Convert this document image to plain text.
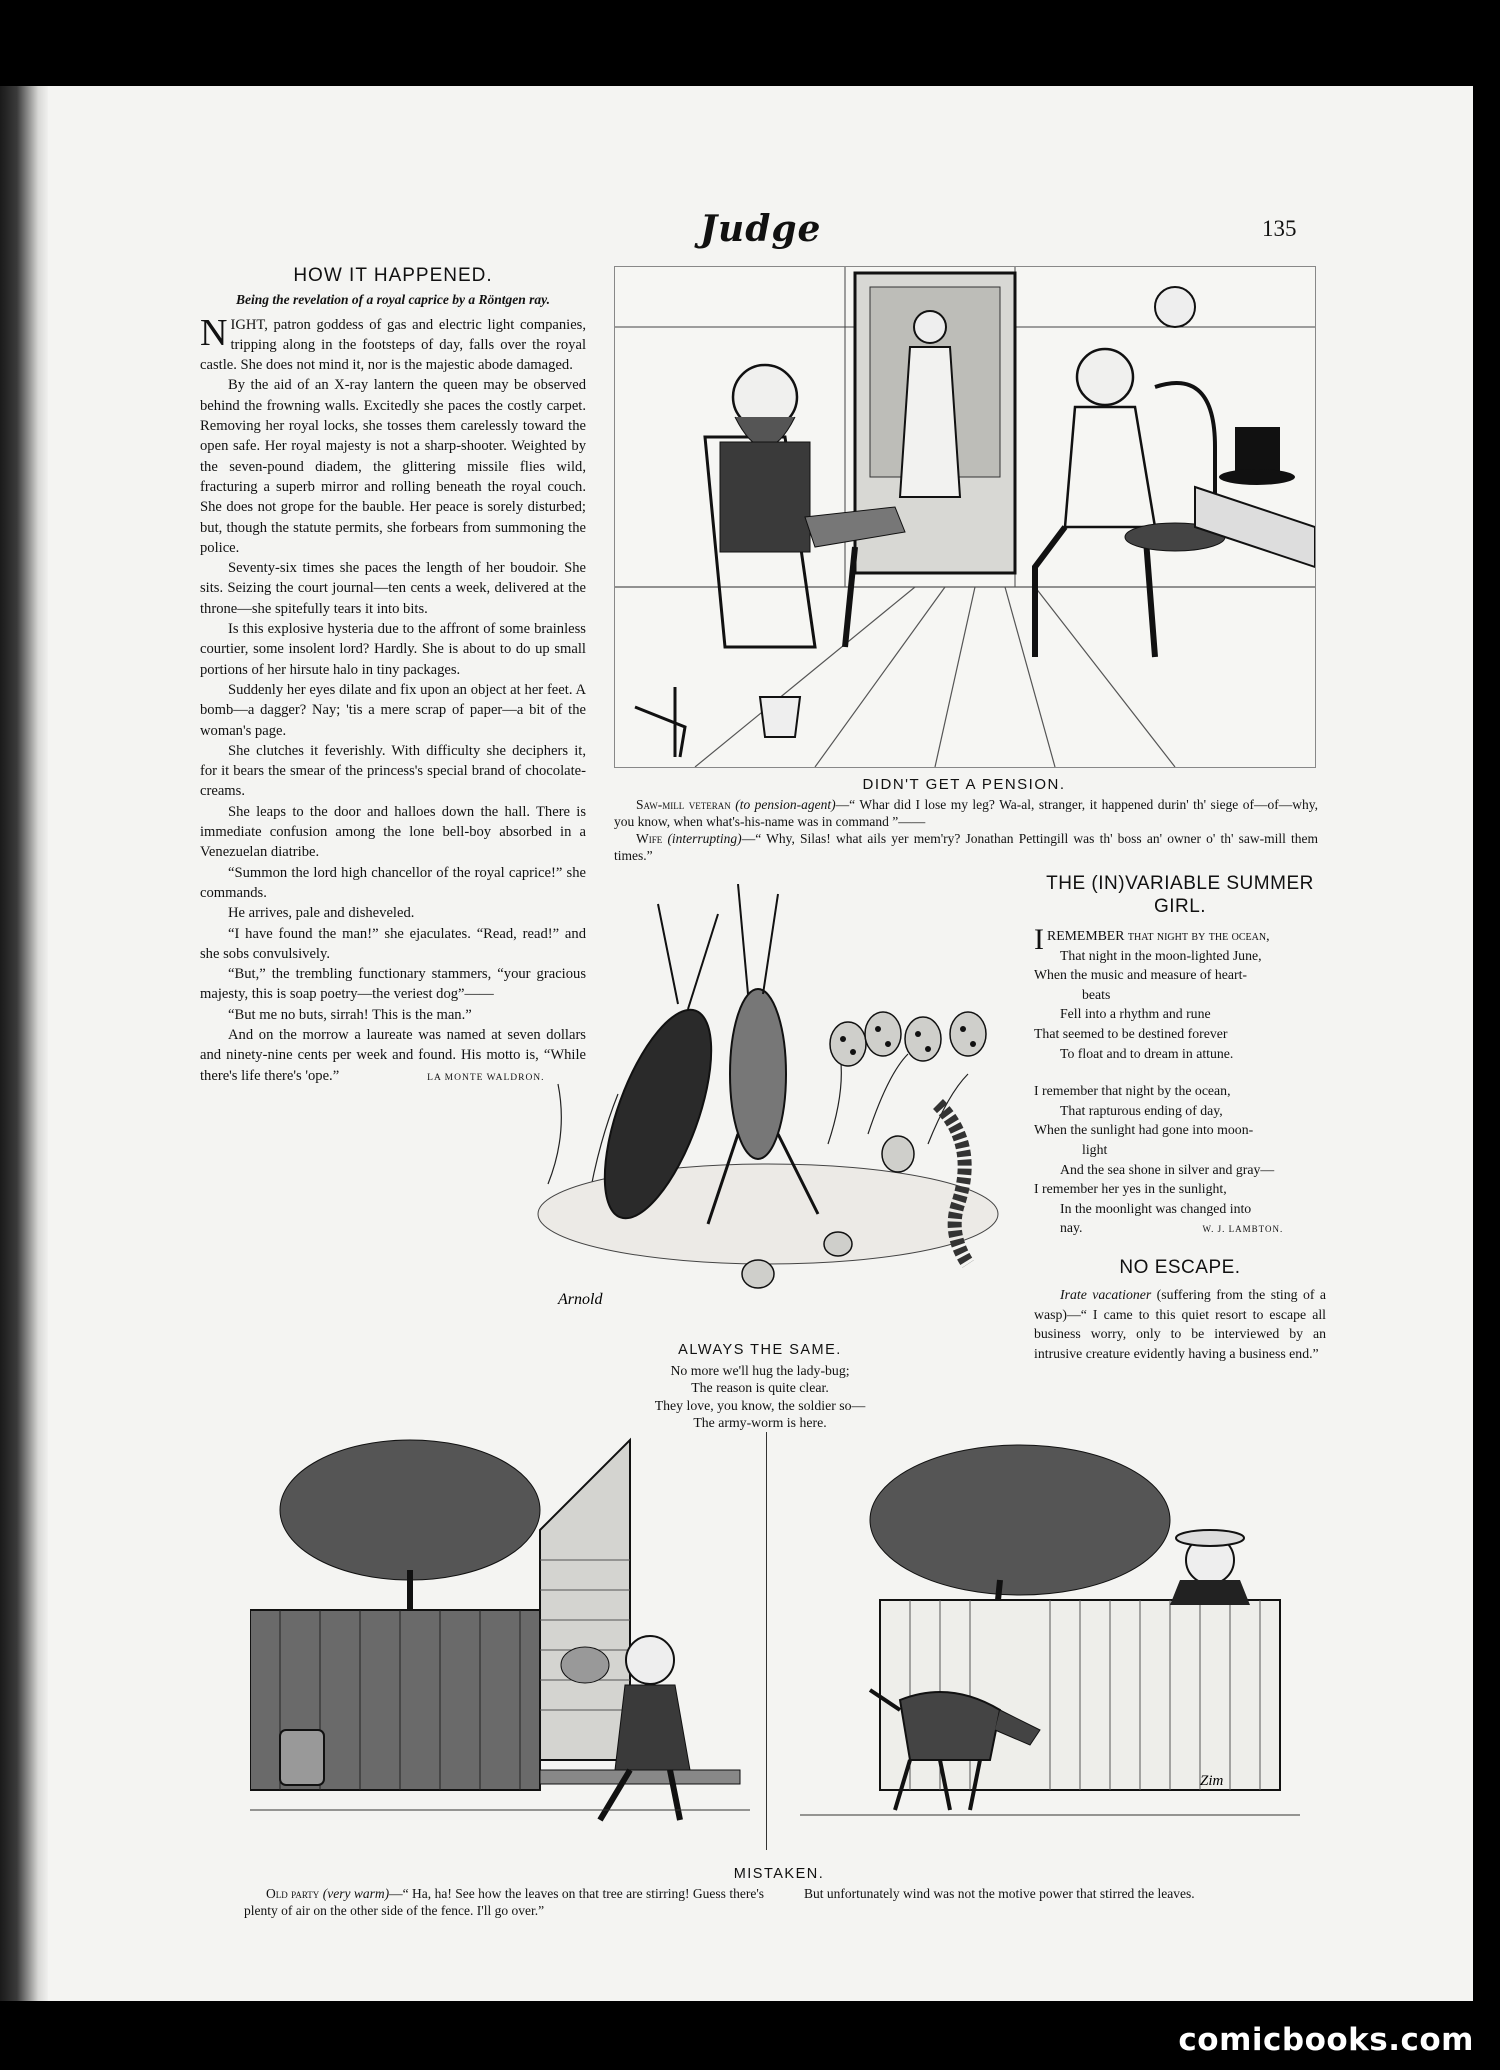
Judge	135
HOW IT HAPPENED.
Being the revelation of a royal caprice by a Röntgen ray.

NIGHT, patron goddess of gas and electric light companies, tripping along in the footsteps of day, falls over the royal castle. She does not mind it, nor is the majestic abode damaged.

By the aid of an X-ray lantern the queen may be observed behind the frowning walls. Excitedly she paces the costly carpet. Removing her royal locks, she tosses them carelessly toward the open safe. Her royal majesty is not a sharp-shooter. Weighted by the seven-pound diadem, the glittering missile flies wild, fracturing a superb mirror and rolling beneath the royal couch. She does not grope for the bauble. Her peace is sorely disturbed; but, though the statute permits, she forbears from summoning the police.

Seventy-six times she paces the length of her boudoir. She sits. Seizing the court journal—ten cents a week, delivered at the throne—she spitefully tears it into bits.

Is this explosive hysteria due to the affront of some brainless courtier, some insolent lord? Hardly. She is about to do up small portions of her hirsute halo in tiny packages.

Suddenly her eyes dilate and fix upon an object at her feet. A bomb—a dagger? Nay; 'tis a mere scrap of paper—a bit of the woman's page.

She clutches it feverishly. With difficulty she deciphers it, for it bears the smear of the princess's special brand of chocolate-creams.

She leaps to the door and halloes down the hall. There is immediate confusion among the lone bell-boy absorbed in a Venezuelan diatribe.

“Summon the lord high chancellor of the royal caprice!” she commands.

He arrives, pale and disheveled.

“I have found the man!” she ejaculates. “Read, read!” and she sobs convulsively.

“But,” the trembling functionary stammers, “your gracious majesty, this is soap poetry—the veriest dog”——

“But me no buts, sirrah! This is the man.”

And on the morrow a laureate was named at seven dollars and ninety-nine cents per week and found. His motto is, “While there's life there's 'ope.”	LA MONTE WALDRON.

DIDN'T GET A PENSION.
Saw-mill veteran (to pension-agent)—“ Whar did I lose my leg? Wa-al, stranger, it happened durin' th' siege of—of—why, you know, when what's-his-name was in command ”——
Wife (interrupting)—“ Why, Silas! what ails yer mem'ry? Jonathan Pettingill was th' boss an' owner o' th' saw-mill them times.”
Arnold
ALWAYS THE SAME.
No more we'll hug the lady-bug;
The reason is quite clear.
They love, you know, the soldier so—
The army-worm is here.
THE (IN)VARIABLE SUMMER GIRL.

IREMEMBER that night by the ocean,

That night in the moon-lighted June,

When the music and measure of heart-

beats

Fell into a rhythm and rune

That seemed to be destined forever

To float and to dream in attune.

I remember that night by the ocean,

That rapturous ending of day,

When the sunlight had gone into moon-

light

And the sea shone in silver and gray—

I remember her yes in the sunlight,

In the moonlight was changed into

nay.	W. J. LAMBTON.

NO ESCAPE.

Irate vacationer (suffering from the sting of a wasp)—“ I came to this quiet resort to escape all business worry, only to be interviewed by an intrusive creature evidently having a business end.”

Zim
MISTAKEN.
Old party (very warm)—“ Ha, ha! See how the leaves on that tree are stirring! Guess there's plenty of air on the other side of the fence. I'll go over.”
But unfortunately wind was not the motive power that stirred the leaves.
comicbooks.com
